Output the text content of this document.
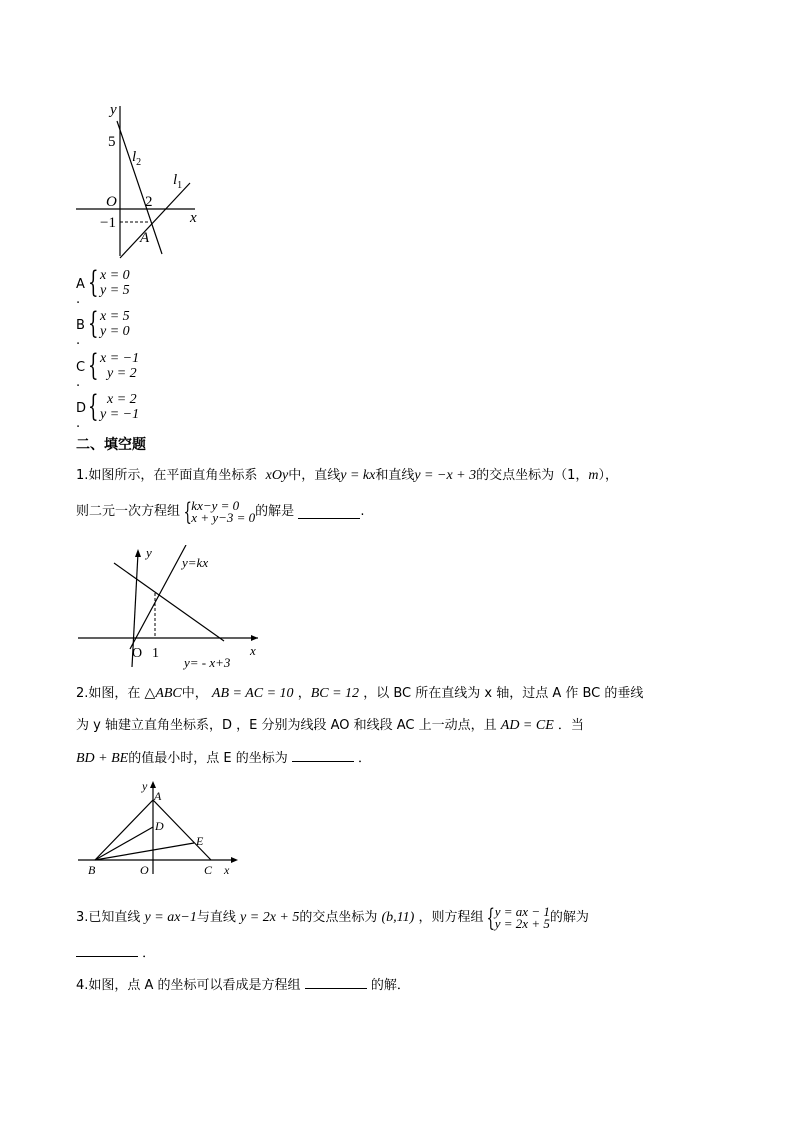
y
5
O 2
−1	x
A
$l_2$
$l_1$
A . { x = 0
y = 5
B . { x = 5
y = 0
C . { x = −1
y = 2
D . { x = 2
y = −1
二、填空题
1.如图所示，在平面直角坐标系 xOy中，直线y = kx和直线y = −x + 3的交点坐标为（1，m），
则二元一次方程组 { kx−y = 0
x + y−3 = 0 的解是	.
y
y=kx
O 1	x
y= - x+3
2.如图，在 △ABC中， AB = AC = 10 ，BC = 12 ，以 BC 所在直线为 x 轴，过点 A 作 BC 的垂线
为 y 轴建立直角坐标系，D ，E 分别为线段 AO 和线段 AC 上一动点，且 AD = CE ．当
BD + BE的值最小时，点 E 的坐标为	．
y
A
D
E
B	O	C x
3.已知直线 y = ax−1与直线 y = 2x + 5的交点坐标为 (b,11) ，则方程组 { y = ax − 1
y = 2x + 5 的解为
．
4.如图，点 A 的坐标可以看成是方程组	的解．
